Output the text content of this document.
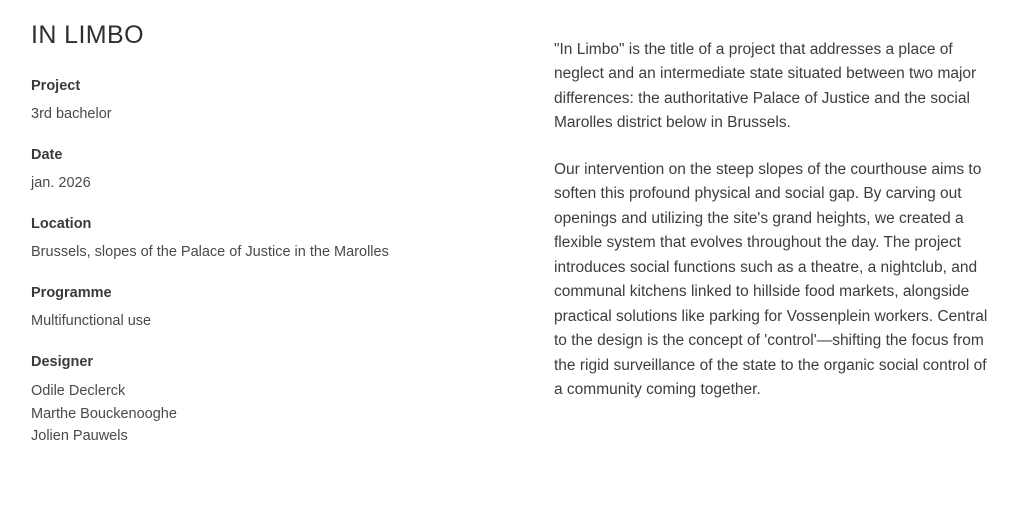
IN LIMBO

Project

3rd bachelor

Date

jan. 2026

Location

Brussels, slopes of the Palace of Justice in the Marolles

Programme

Multifunctional use

Designer

Odile Declerck
Marthe Bouckenooghe
Jolien Pauwels

"In Limbo" is the title of a project that addresses a place of neglect and an intermediate state situated between two major differences: the authoritative Palace of Justice and the social Marolles district below in Brussels.

Our intervention on the steep slopes of the courthouse aims to soften this profound physical and social gap. By carving out openings and utilizing the site's grand heights, we created a flexible system that evolves throughout the day. The project introduces social functions such as a theatre, a nightclub, and communal kitchens linked to hillside food markets, alongside practical solutions like parking for Vossenplein workers. Central to the design is the concept of 'control'—shifting the focus from the rigid surveillance of the state to the organic social control of a community coming together.
